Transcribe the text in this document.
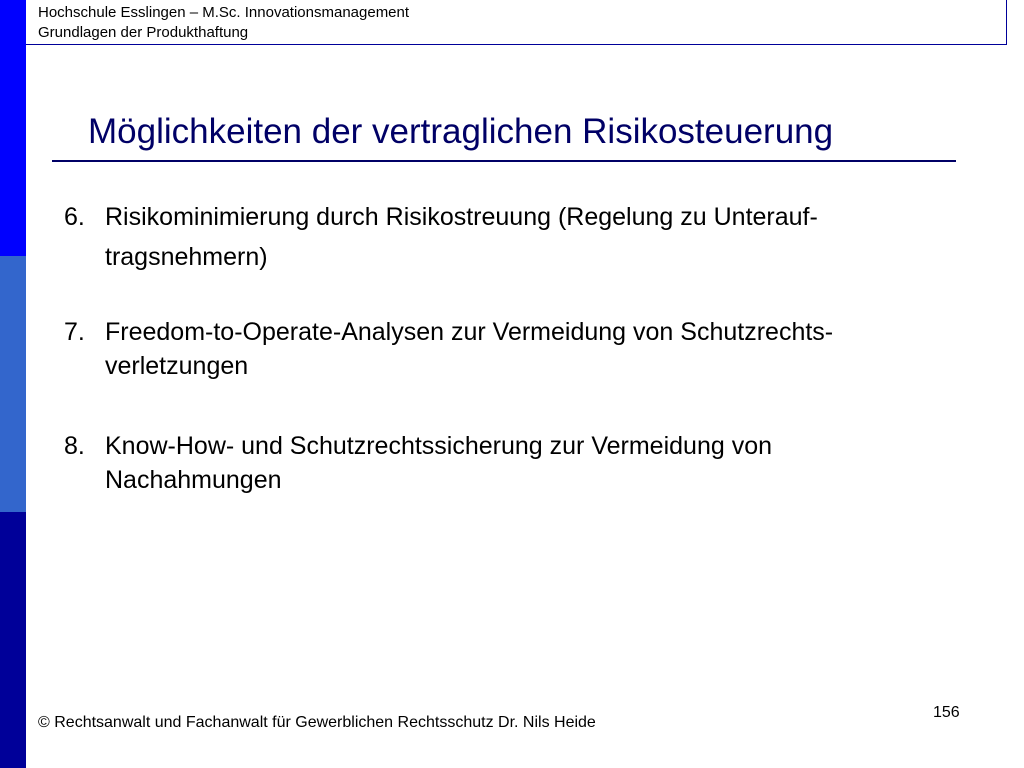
Hochschule Esslingen – M.Sc. Innovationsmanagement
Grundlagen der Produkthaftung
Möglichkeiten der vertraglichen Risikosteuerung
6. Risikominimierung durch Risikostreuung (Regelung zu Unterauf-
tragsnehmern)
7. Freedom-to-Operate-Analysen zur Vermeidung von Schutzrechts-
verletzungen
8. Know-How- und Schutzrechtssicherung zur Vermeidung von
Nachahmungen
© Rechtsanwalt und Fachanwalt für Gewerblichen Rechtsschutz Dr. Nils Heide
156
